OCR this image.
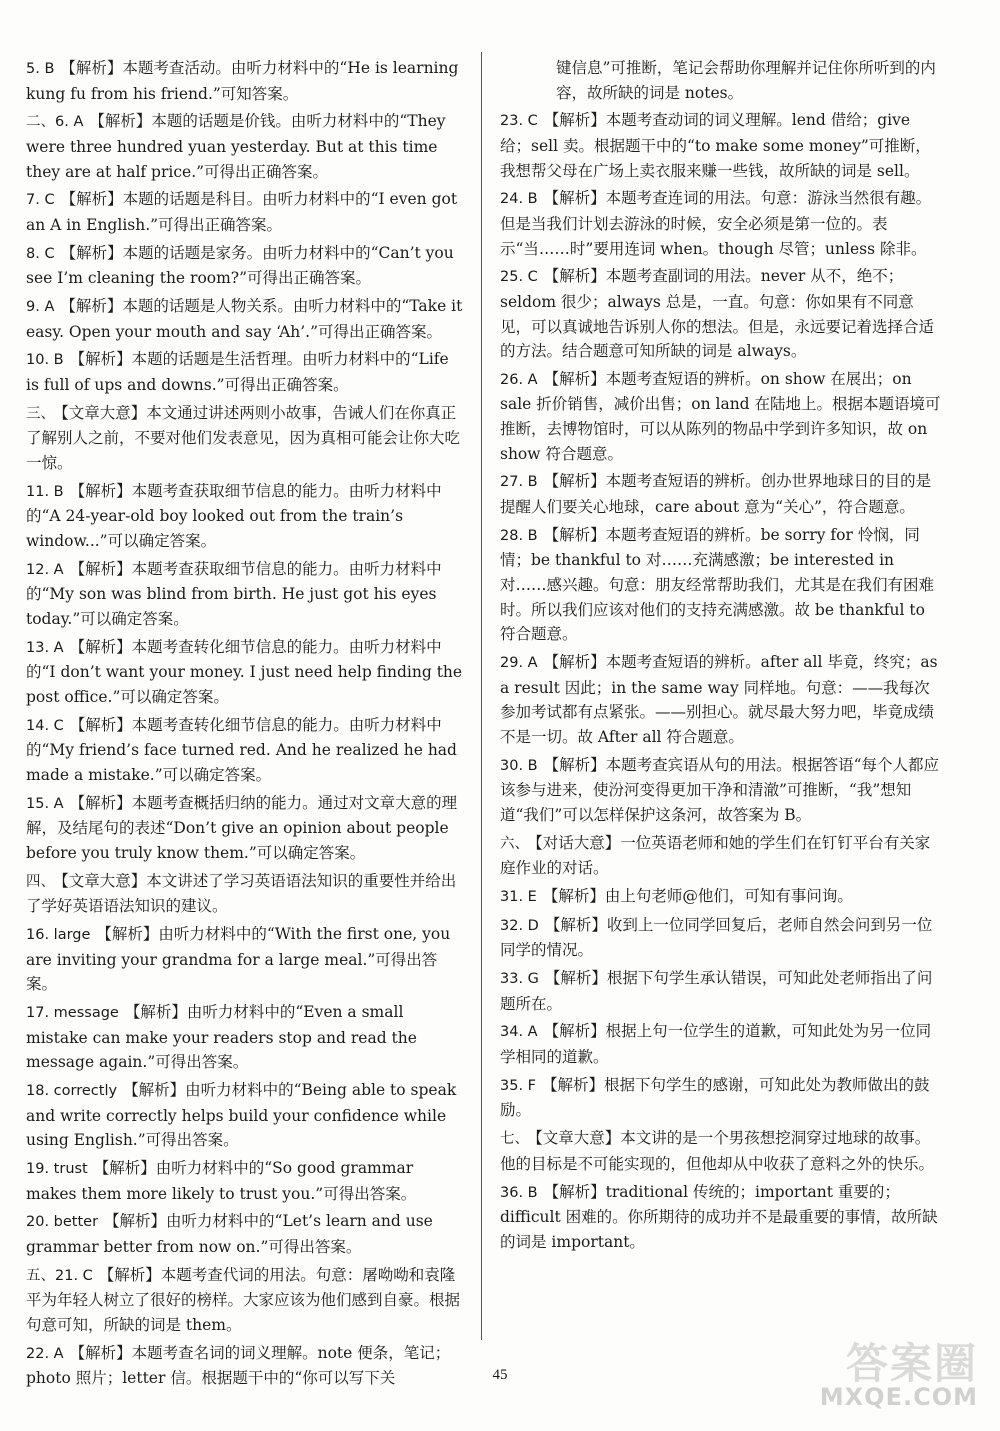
5. B 【解析】本题考查活动。由听力材料中的“He is learning kung fu from his friend.”可知答案。
二、6. A 【解析】本题的话题是价钱。由听力材料中的“They were three hundred yuan yesterday. But at this time they are at half price.”可得出正确答案。
7. C 【解析】本题的话题是科目。由听力材料中的“I even got an A in English.”可得出正确答案。
8. C 【解析】本题的话题是家务。由听力材料中的“Can’t you see I’m cleaning the room?”可得出正确答案。
9. A 【解析】本题的话题是人物关系。由听力材料中的“Take it easy. Open your mouth and say ‘Ah’.”可得出正确答案。
10. B 【解析】本题的话题是生活哲理。由听力材料中的“Life is full of ups and downs.”可得出正确答案。
三、 【文章大意】本文通过讲述两则小故事，告诫人们在你真正了解别人之前，不要对他们发表意见，因为真相可能会让你大吃一惊。
11. B 【解析】本题考查获取细节信息的能力。由听力材料中的“A 24-year-old boy looked out from the train’s window...”可以确定答案。
12. A 【解析】本题考查获取细节信息的能力。由听力材料中的“My son was blind from birth. He just got his eyes today.”可以确定答案。
13. A 【解析】本题考查转化细节信息的能力。由听力材料中的“I don’t want your money. I just need help finding the post office.”可以确定答案。
14. C 【解析】本题考查转化细节信息的能力。由听力材料中的“My friend’s face turned red. And he realized he had made a mistake.”可以确定答案。
15. A 【解析】本题考查概括归纳的能力。通过对文章大意的理解，及结尾句的表述“Don’t give an opinion about people before you truly know them.”可以确定答案。
四、 【文章大意】本文讲述了学习英语语法知识的重要性并给出了学好英语语法知识的建议。
16. large 【解析】由听力材料中的“With the first one, you are inviting your grandma for a large meal.”可得出答案。
17. message 【解析】由听力材料中的“Even a small mistake can make your readers stop and read the message again.”可得出答案。
18. correctly 【解析】由听力材料中的“Being able to speak and write correctly helps build your confidence while using English.”可得出答案。
19. trust 【解析】由听力材料中的“So good grammar makes them more likely to trust you.”可得出答案。
20. better 【解析】由听力材料中的“Let’s learn and use grammar better from now on.”可得出答案。
五、21. C 【解析】本题考查代词的用法。句意：屠呦呦和袁隆平为年轻人树立了很好的榜样。大家应该为他们感到自豪。根据句意可知，所缺的词是 them。
22. A 【解析】本题考查名词的词义理解。note 便条，笔记；photo 照片；letter 信。根据题干中的“你可以写下关
键信息”可推断，笔记会帮助你理解并记住你所听到的内容，故所缺的词是 notes。
23. C 【解析】本题考查动词的词义理解。lend 借给；give 给；sell 卖。根据题干中的“to make some money”可推断，我想帮父母在广场上卖衣服来赚一些钱，故所缺的词是 sell。
24. B 【解析】本题考查连词的用法。句意：游泳当然很有趣。但是当我们计划去游泳的时候，安全必须是第一位的。表示“当……时”要用连词 when。though 尽管；unless 除非。
25. C 【解析】本题考查副词的用法。never 从不，绝不；seldom 很少；always 总是，一直。句意：你如果有不同意见，可以真诚地告诉别人你的想法。但是，永远要记着选择合适的方法。结合题意可知所缺的词是 always。
26. A 【解析】本题考查短语的辨析。on show 在展出；on sale 折价销售，减价出售；on land 在陆地上。根据本题语境可推断，去博物馆时，可以从陈列的物品中学到许多知识，故 on show 符合题意。
27. B 【解析】本题考查短语的辨析。创办世界地球日的目的是提醒人们要关心地球，care about 意为“关心”，符合题意。
28. B 【解析】本题考查短语的辨析。be sorry for 怜悯，同情；be thankful to 对……充满感激；be interested in 对……感兴趣。句意：朋友经常帮助我们，尤其是在我们有困难时。所以我们应该对他们的支持充满感激。故 be thankful to 符合题意。
29. A 【解析】本题考查短语的辨析。after all 毕竟，终究；as a result 因此；in the same way 同样地。句意：——我每次参加考试都有点紧张。——别担心。就尽最大努力吧，毕竟成绩不是一切。故 After all 符合题意。
30. B 【解析】本题考查宾语从句的用法。根据答语“每个人都应该参与进来，使汾河变得更加干净和清澈”可推断，“我”想知道“我们”可以怎样保护这条河，故答案为 B。
六、 【对话大意】一位英语老师和她的学生们在钉钉平台有关家庭作业的对话。
31. E 【解析】由上句老师@他们，可知有事问询。
32. D 【解析】收到上一位同学回复后，老师自然会问到另一位同学的情况。
33. G 【解析】根据下句学生承认错误，可知此处老师指出了问题所在。
34. A 【解析】根据上句一位学生的道歉，可知此处为另一位同学相同的道歉。
35. F 【解析】根据下句学生的感谢，可知此处为教师做出的鼓励。
七、 【文章大意】本文讲的是一个男孩想挖洞穿过地球的故事。他的目标是不可能实现的，但他却从中收获了意料之外的快乐。
36. B 【解析】traditional 传统的；important 重要的；difficult 困难的。你所期待的成功并不是最重要的事情，故所缺的词是 important。
45	答案圈
MXQE.COM
